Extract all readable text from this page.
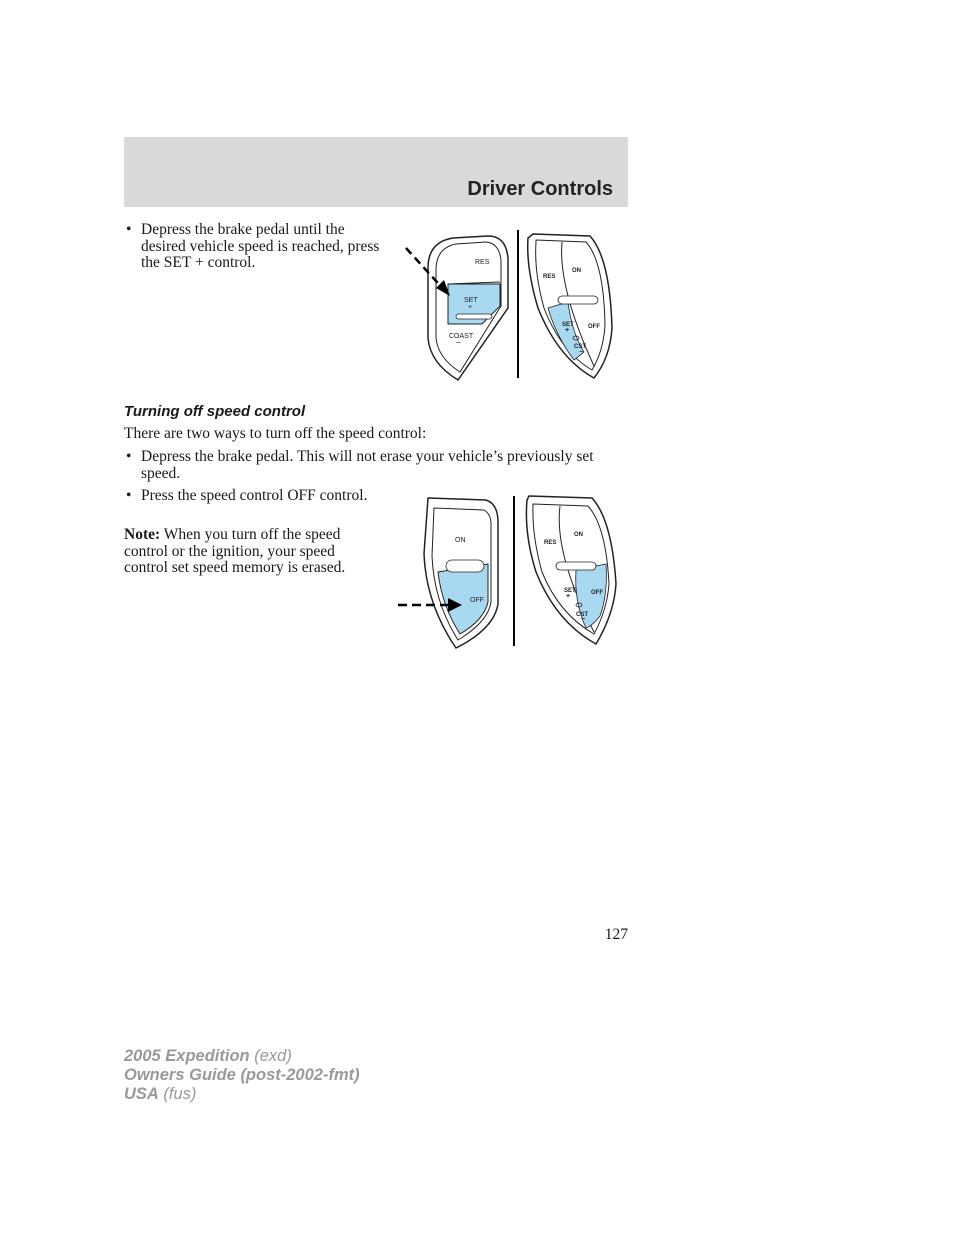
Driver Controls
• Depress the brake pedal until the desired vehicle speed is reached, press the SET + control.	RES
SET
+
COAST
−
RES
ON
SET
+	OFF
CST
−
Turning off speed control
There are two ways to turn off the speed control:
• Depress the brake pedal. This will not erase your vehicle’s previously set speed.
• Press the speed control OFF control.
Note: When you turn off the speed control or the ignition, your speed control set speed memory is erased.
ON
OFF
RES
ON
SET
+	OFF
CST
−
127
2005 Expedition (exd)
Owners Guide (post-2002-fmt)
USA (fus)
